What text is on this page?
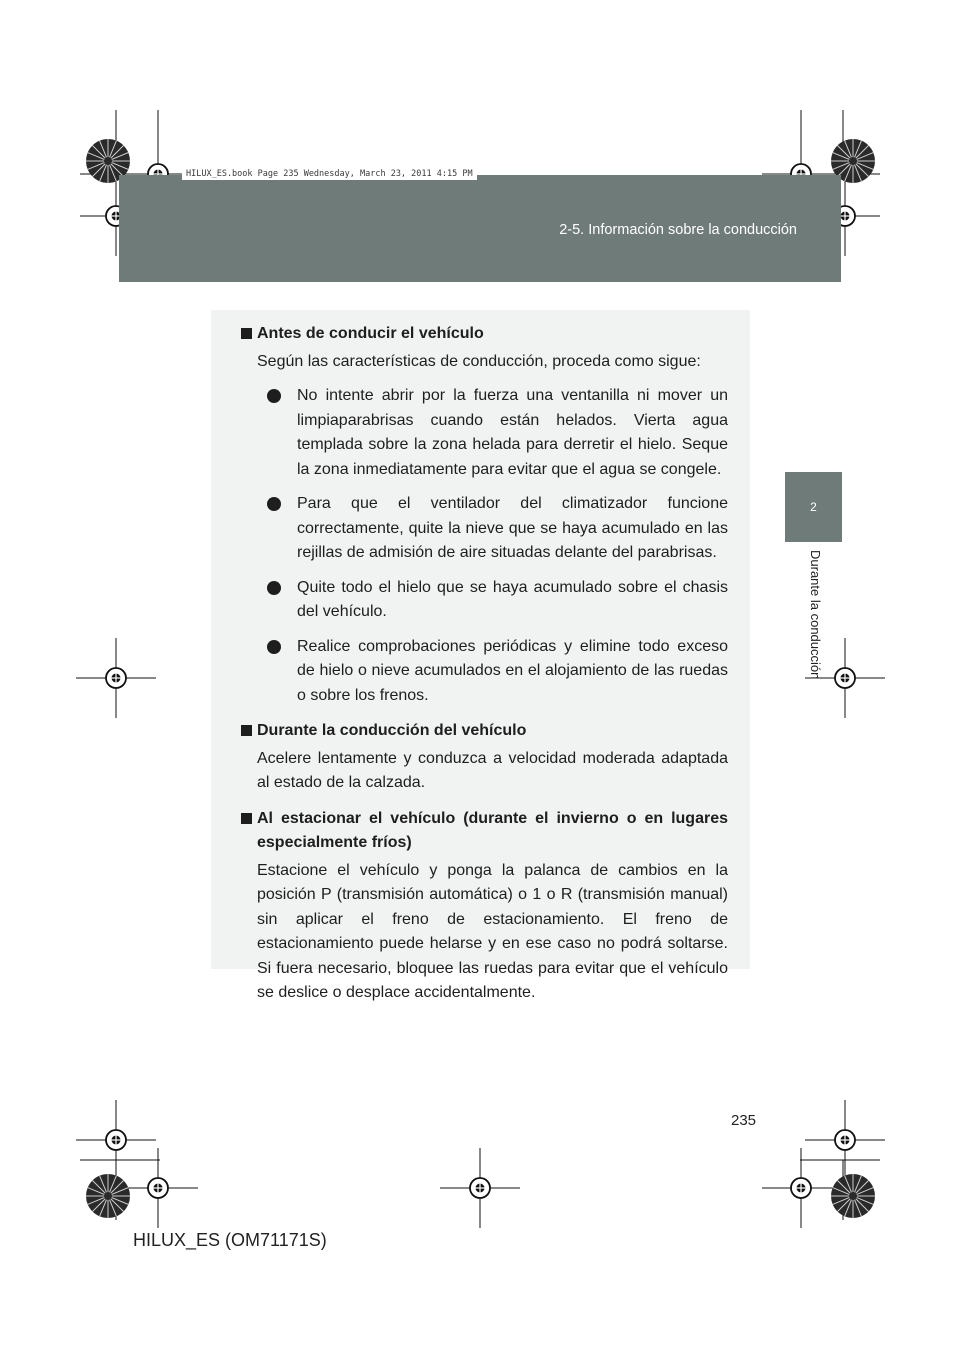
2-5. Información sobre la conducción
HILUX_ES.book Page 235 Wednesday, March 23, 2011 4:15 PM
2
Durante la conducción
Antes de conducir el vehículo
Según las características de conducción, proceda como sigue:
No intente abrir por la fuerza una ventanilla ni mover un limpiaparabrisas cuando están helados. Vierta agua templada sobre la zona helada para derretir el hielo. Seque la zona inmediatamente para evitar que el agua se congele.
Para que el ventilador del climatizador funcione correctamente, quite la nieve que se haya acumulado en las rejillas de admisión de aire situadas delante del parabrisas.
Quite todo el hielo que se haya acumulado sobre el chasis del vehículo.
Realice comprobaciones periódicas y elimine todo exceso de hielo o nieve acumulados en el alojamiento de las ruedas o sobre los frenos.
Durante la conducción del vehículo
Acelere lentamente y conduzca a velocidad moderada adaptada al estado de la calzada.
Al estacionar el vehículo (durante el invierno o en lugares especialmente fríos)
Estacione el vehículo y ponga la palanca de cambios en la posición P (transmisión automática) o 1 o R (transmisión manual) sin aplicar el freno de estacionamiento. El freno de estacionamiento puede helarse y en ese caso no podrá soltarse. Si fuera necesario, bloquee las ruedas para evitar que el vehículo se deslice o desplace accidentalmente.
235
HILUX_ES (OM71171S)
